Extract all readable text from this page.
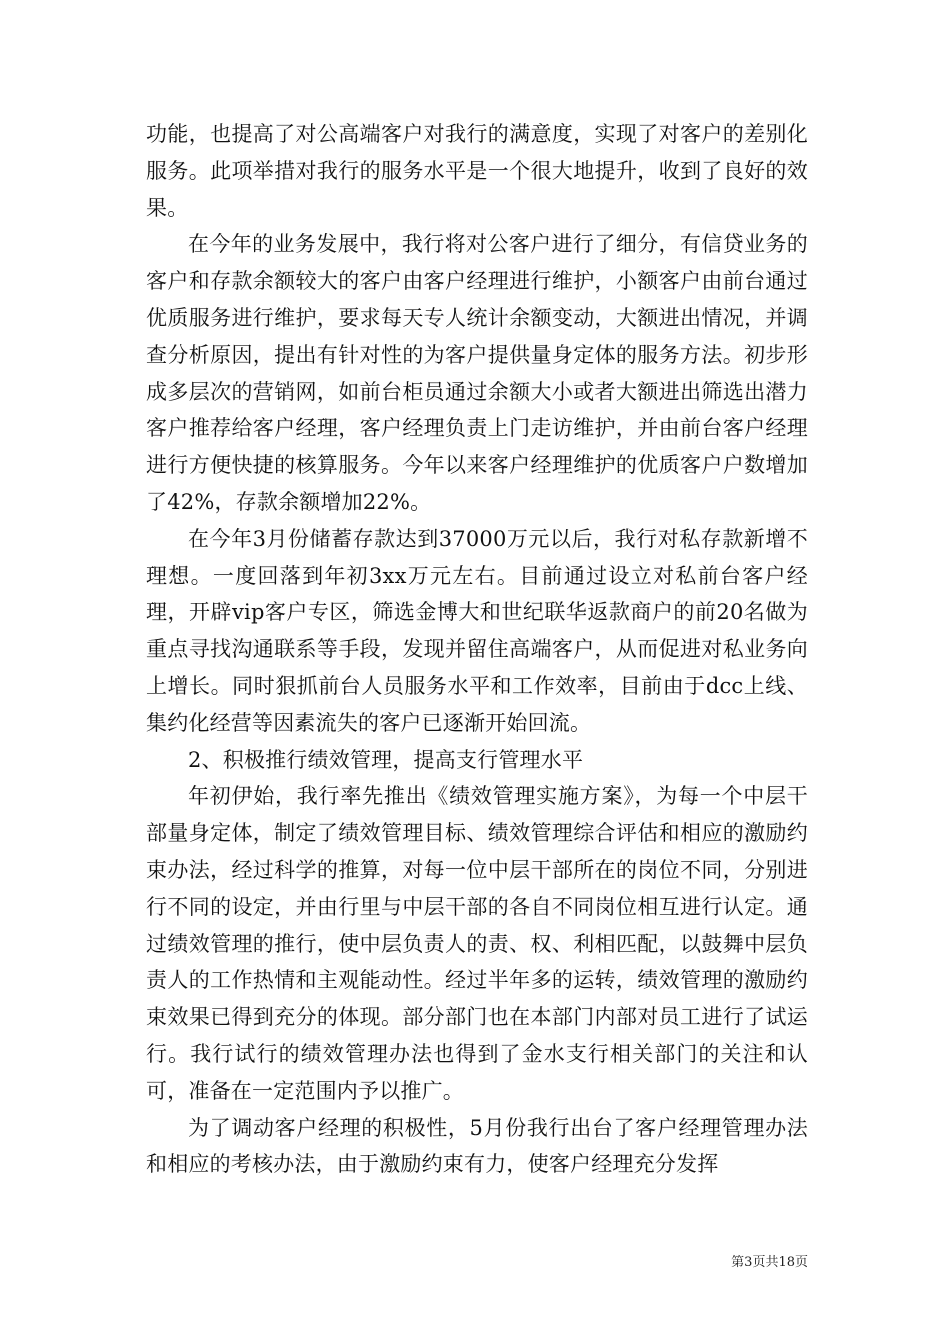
功能，也提高了对公高端客户对我行的满意度，实现了对客户的差别化服务。此项举措对我行的服务水平是一个很大地提升，收到了良好的效果。

在今年的业务发展中，我行将对公客户进行了细分，有信贷业务的客户和存款余额较大的客户由客户经理进行维护，小额客户由前台通过优质服务进行维护，要求每天专人统计余额变动，大额进出情况，并调查分析原因，提出有针对性的为客户提供量身定体的服务方法。初步形成多层次的营销网，如前台柜员通过余额大小或者大额进出筛选出潜力客户推荐给客户经理，客户经理负责上门走访维护，并由前台客户经理进行方便快捷的核算服务。今年以来客户经理维护的优质客户户数增加了42%，存款余额增加22%。

在今年3月份储蓄存款达到37000万元以后，我行对私存款新增不理想。一度回落到年初3xx万元左右。目前通过设立对私前台客户经理，开辟vip客户专区，筛选金博大和世纪联华返款商户的前20名做为重点寻找沟通联系等手段，发现并留住高端客户，从而促进对私业务向上增长。同时狠抓前台人员服务水平和工作效率，目前由于dcc上线、集约化经营等因素流失的客户已逐渐开始回流。

2、积极推行绩效管理，提高支行管理水平

年初伊始，我行率先推出《绩效管理实施方案》，为每一个中层干部量身定体，制定了绩效管理目标、绩效管理综合评估和相应的激励约束办法，经过科学的推算，对每一位中层干部所在的岗位不同，分别进行不同的设定，并由行里与中层干部的各自不同岗位相互进行认定。通过绩效管理的推行，使中层负责人的责、权、利相匹配，以鼓舞中层负责人的工作热情和主观能动性。经过半年多的运转，绩效管理的激励约束效果已得到充分的体现。部分部门也在本部门内部对员工进行了试运行。我行试行的绩效管理办法也得到了金水支行相关部门的关注和认可，准备在一定范围内予以推广。

为了调动客户经理的积极性，5月份我行出台了客户经理管理办法和相应的考核办法，由于激励约束有力，使客户经理充分发挥

第3页共18页
